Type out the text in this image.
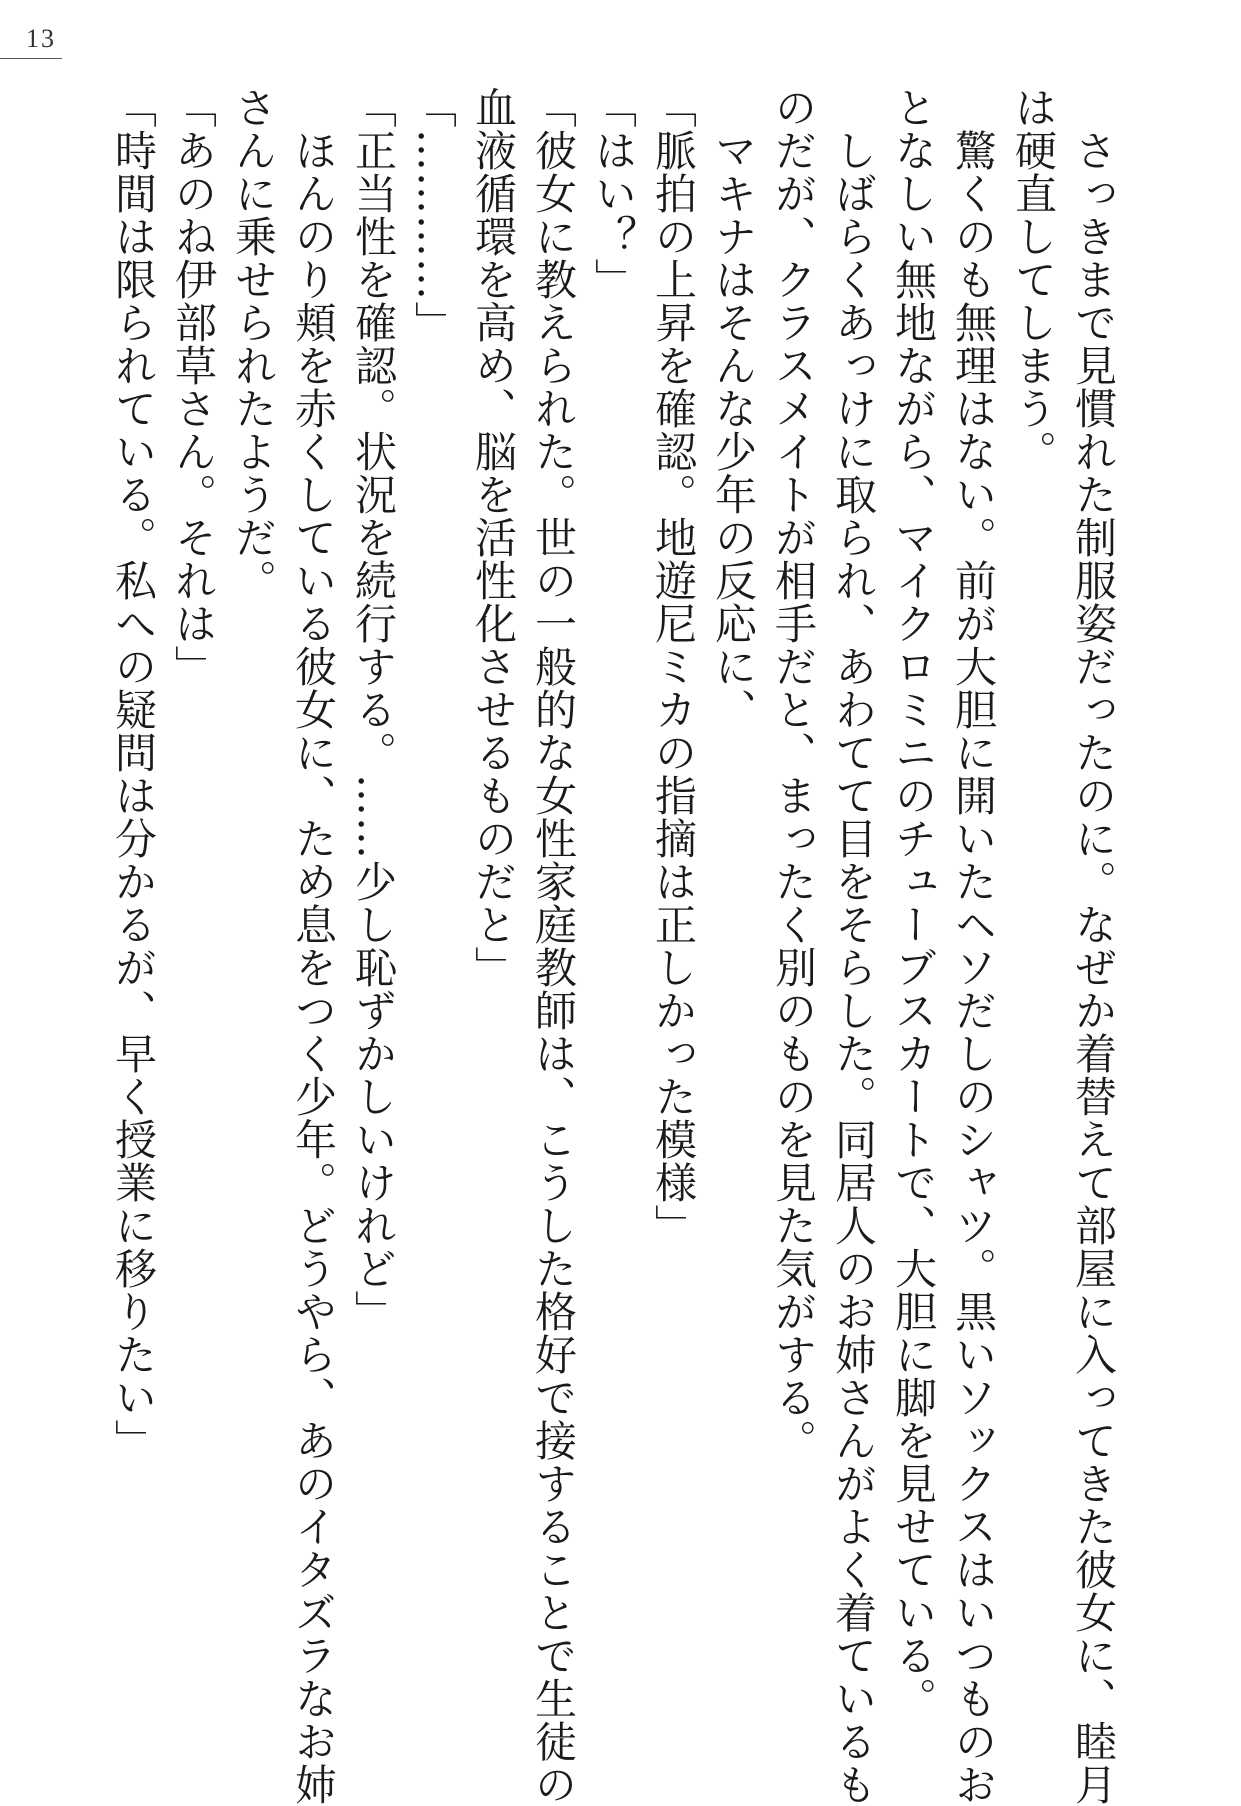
13
　さっきまで見慣れた制服姿だったのに。なぜか着替えて部屋に入ってきた彼女に、睦月
は硬直してしまう。
　驚くのも無理はない。前が大胆に開いたヘソだしのシャツ。黒いソックスはいつものお
となしい無地ながら、マイクロミニのチューブスカートで、大胆に脚を見せている。
　しばらくあっけに取られ、あわてて目をそらした。同居人のお姉さんがよく着ているも
のだが、クラスメイトが相手だと、まったく別のものを見た気がする。
　マキナはそんな少年の反応に、
「脈拍の上昇を確認。地遊尼ミカの指摘は正しかった模様」
「はい？」
「彼女に教えられた。世の一般的な女性家庭教師は、こうした格好で接することで生徒の
血液循環を高め、脳を活性化させるものだと」
「…………」
「正当性を確認。状況を続行する。……少し恥ずかしいけれど」
　ほんのり頬を赤くしている彼女に、ため息をつく少年。どうやら、あのイタズラなお姉
さんに乗せられたようだ。
「あのね伊部草さん。それは」
「時間は限られている。私への疑問は分かるが、早く授業に移りたい」
